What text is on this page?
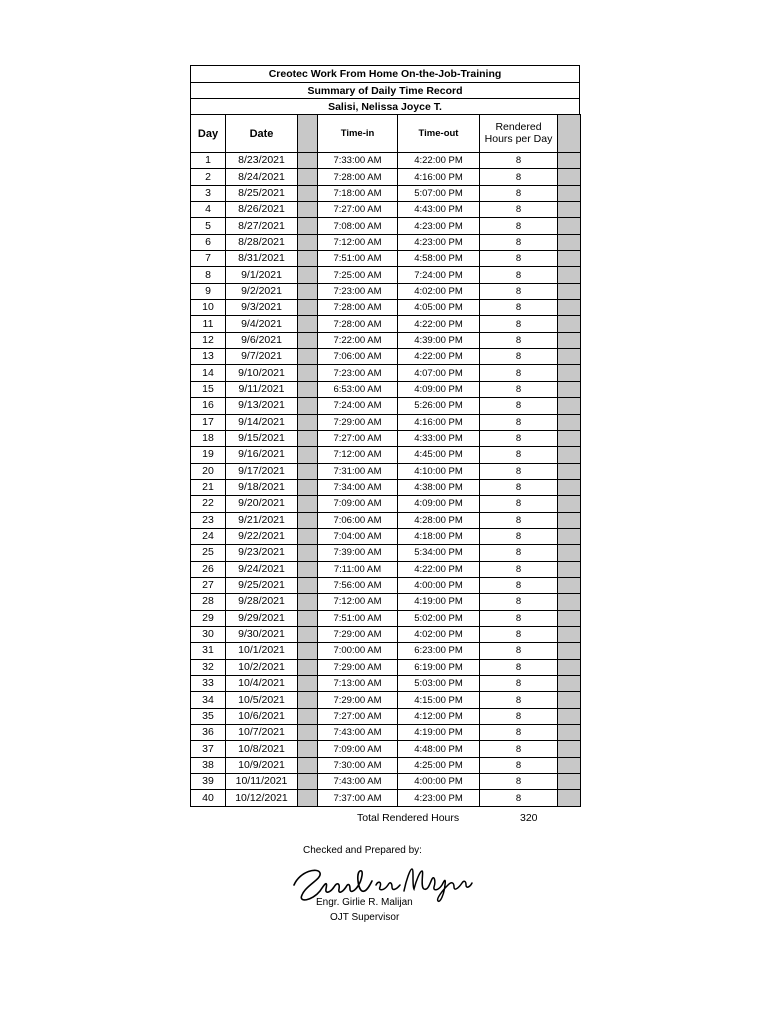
Creotec Work From Home On-the-Job-Training
Summary of Daily Time Record
Salisi, Nelissa Joyce T.
Day	Date		Time-in	Time-out	Rendered Hours per Day	
1	8/23/2021		7:33:00 AM	4:22:00 PM	8	
2	8/24/2021		7:28:00 AM	4:16:00 PM	8	
3	8/25/2021		7:18:00 AM	5:07:00 PM	8	
4	8/26/2021		7:27:00 AM	4:43:00 PM	8	
5	8/27/2021		7:08:00 AM	4:23:00 PM	8	
6	8/28/2021		7:12:00 AM	4:23:00 PM	8	
7	8/31/2021		7:51:00 AM	4:58:00 PM	8	
8	9/1/2021		7:25:00 AM	7:24:00 PM	8	
9	9/2/2021		7:23:00 AM	4:02:00 PM	8	
10	9/3/2021		7:28:00 AM	4:05:00 PM	8	
11	9/4/2021		7:28:00 AM	4:22:00 PM	8	
12	9/6/2021		7:22:00 AM	4:39:00 PM	8	
13	9/7/2021		7:06:00 AM	4:22:00 PM	8	
14	9/10/2021		7:23:00 AM	4:07:00 PM	8	
15	9/11/2021		6:53:00 AM	4:09:00 PM	8	
16	9/13/2021		7:24:00 AM	5:26:00 PM	8	
17	9/14/2021		7:29:00 AM	4:16:00 PM	8	
18	9/15/2021		7:27:00 AM	4:33:00 PM	8	
19	9/16/2021		7:12:00 AM	4:45:00 PM	8	
20	9/17/2021		7:31:00 AM	4:10:00 PM	8	
21	9/18/2021		7:34:00 AM	4:38:00 PM	8	
22	9/20/2021		7:09:00 AM	4:09:00 PM	8	
23	9/21/2021		7:06:00 AM	4:28:00 PM	8	
24	9/22/2021		7:04:00 AM	4:18:00 PM	8	
25	9/23/2021		7:39:00 AM	5:34:00 PM	8	
26	9/24/2021		7:11:00 AM	4:22:00 PM	8	
27	9/25/2021		7:56:00 AM	4:00:00 PM	8	
28	9/28/2021		7:12:00 AM	4:19:00 PM	8	
29	9/29/2021		7:51:00 AM	5:02:00 PM	8	
30	9/30/2021		7:29:00 AM	4:02:00 PM	8	
31	10/1/2021		7:00:00 AM	6:23:00 PM	8	
32	10/2/2021		7:29:00 AM	6:19:00 PM	8	
33	10/4/2021		7:13:00 AM	5:03:00 PM	8	
34	10/5/2021		7:29:00 AM	4:15:00 PM	8	
35	10/6/2021		7:27:00 AM	4:12:00 PM	8	
36	10/7/2021		7:43:00 AM	4:19:00 PM	8	
37	10/8/2021		7:09:00 AM	4:48:00 PM	8	
38	10/9/2021		7:30:00 AM	4:25:00 PM	8	
39	10/11/2021		7:43:00 AM	4:00:00 PM	8	
40	10/12/2021		7:37:00 AM	4:23:00 PM	8	
Total Rendered Hours	320
Checked and Prepared by:
Engr. Girlie R. Malijan
OJT Supervisor
